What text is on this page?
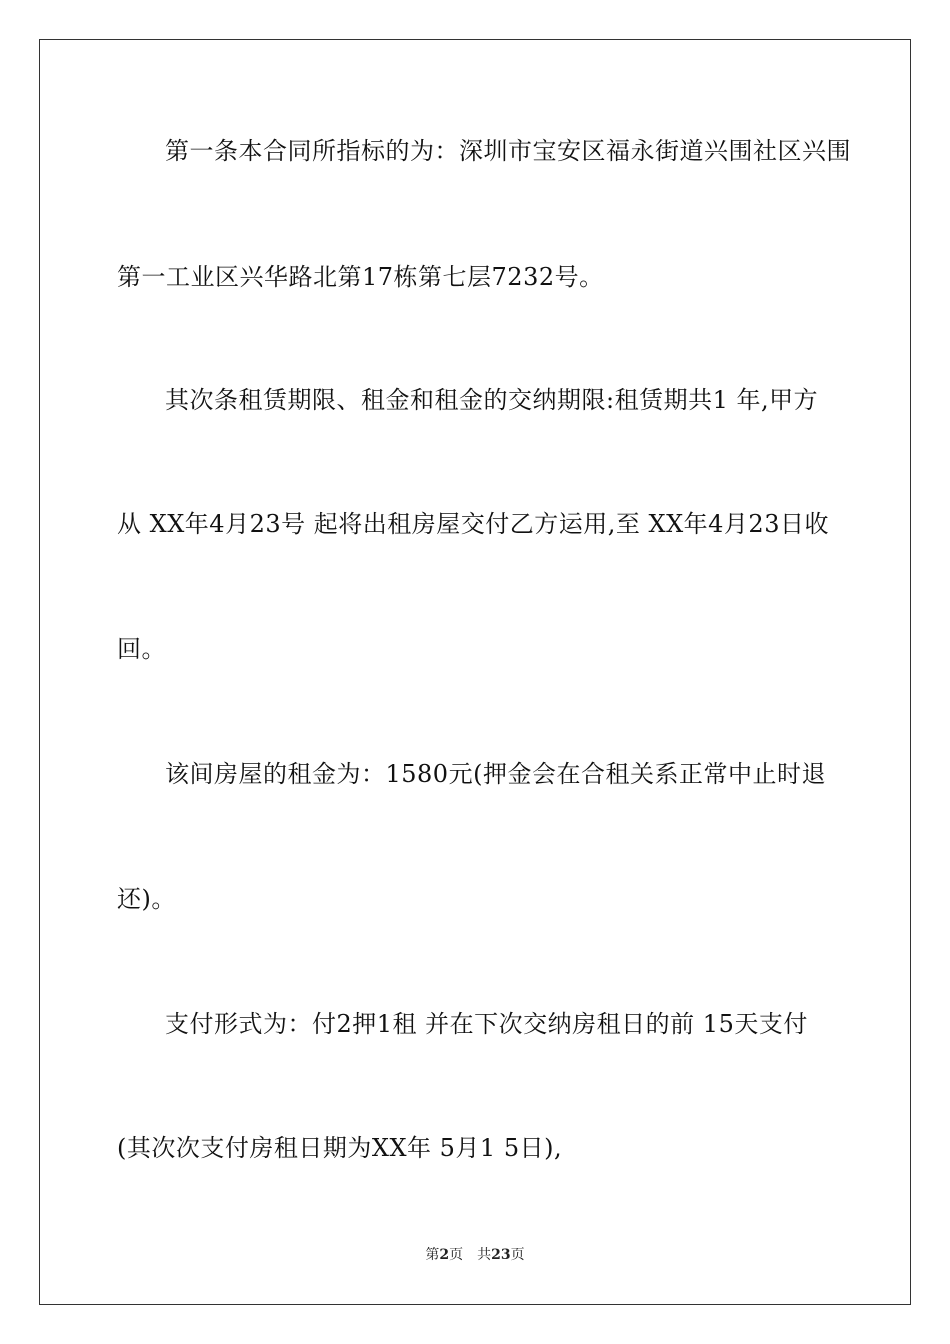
第一条本合同所指标的为：深圳市宝安区福永街道兴围社区兴围
第一工业区兴华路北第17栋第七层7232号。
其次条租赁期限、租金和租金的交纳期限:租赁期共1 年,甲方
从 XX年4月23号 起将出租房屋交付乙方运用,至 XX年4月23日收
回。
该间房屋的租金为：1580元(押金会在合租关系正常中止时退
还)。
支付形式为：付2押1租 并在下次交纳房租日的前 15天支付
(其次次支付房租日期为XX年 5月1 5日),
第2页 共23页
